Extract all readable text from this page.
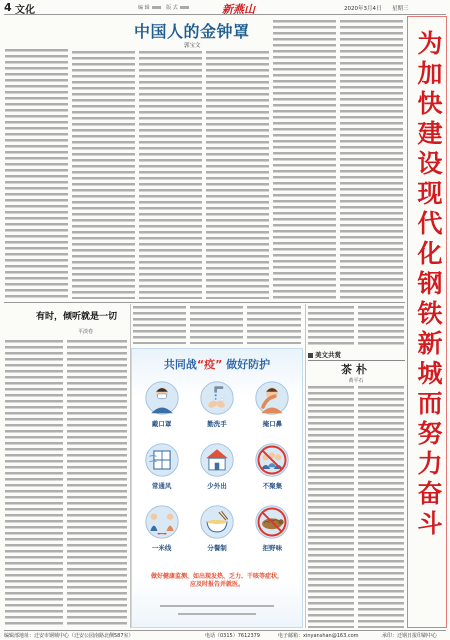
4 文化	编 辑	版 式	新燕山	2020年3月4日 星期三
中国人的金钟罩
郭宝文	为加快建设现代化钢铁新城而努力奋斗
有时，倾听就是一切
平淡卷
共同战“疫” 做好防护
戴口罩	勤洗手	掩口鼻
常通风	少外出	不聚集
一米线	分餐制	拒野味
做好健康监测，如出现发热、乏力、干咳等症状，
应及时报告并就医。
美文共赏
茶朴
黄平石
编辑部地址：迁安市钢城中心（迁安公园南路北侧587室）	电话（0315）7612379	电子邮箱：xinyanshan@163.com	承印：迁钢日报印刷中心
